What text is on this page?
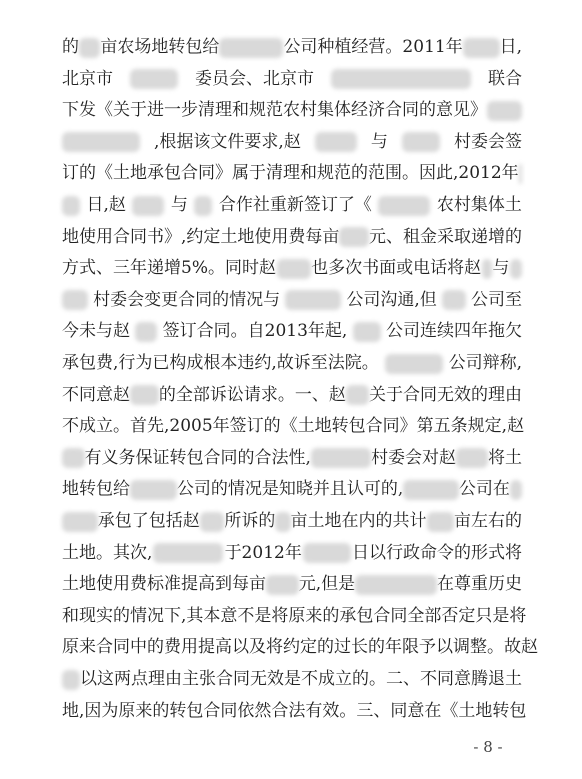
的 亩农场地转包给	公司种植经营。2011年 日,
北京市	委员会、北京市	联合
下发《关于进一步清理和规范农村集体经济合同的意见》
,根据该文件要求,赵	与	村委会签
订的《土地承包合同》属于清理和规范的范围。因此,2012年
日,赵	与 合作社重新签订了《	农村集体土
地使用合同书》,约定土地使用费每亩 元、租金采取递增的
方式、三年递增5%。同时赵 也多次书面或电话将赵 与
村委会变更合同的情况与	公司沟通,但 公司至
今未与赵 签订合同。自2013年起, 公司连续四年拖欠
承包费,行为已构成根本违约,故诉至法院。	公司辩称,
不同意赵 的全部诉讼请求。一、赵 关于合同无效的理由
不成立。首先,2005年签订的《土地转包合同》第五条规定,赵
有义务保证转包合同的合法性,	村委会对赵 将土
地转包给	公司的情况是知晓并且认可的,	公司在
承包了包括赵 所诉的 亩土地在内的共计 亩左右的
土地。其次,	于2012年	日以行政命令的形式将
土地使用费标准提高到每亩 元,但是	在尊重历史
和现实的情况下,其本意不是将原来的承包合同全部否定只是将
原来合同中的费用提高以及将约定的过长的年限予以调整。故赵
以这两点理由主张合同无效是不成立的。二、不同意腾退土
地,因为原来的转包合同依然合法有效。三、同意在《土地转包
- 8 -
